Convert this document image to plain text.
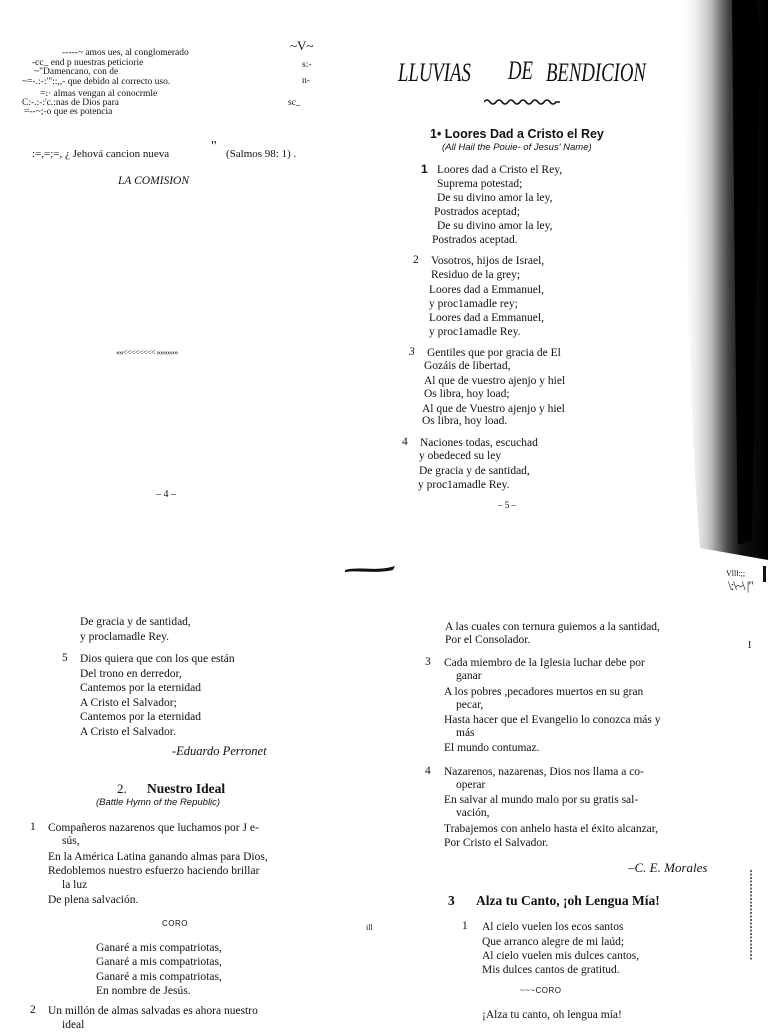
-----~ amos ues, al conglomerado
-cc_ end p nuestras peticiorie
~"Damencano, con de
~=-.:-:'"::,,- que debido al correcto uso.
=:· almas vengan al conocrmle
C:-.:-:'c.:nas de Dios para
=--~;-o que es potencia
~V~
s:-
n-
sc_
:=,=;=, ¿ Jehová cancion nueva	" (Salmos 98: 1) .
LA COMISION
««<<<<<<<< »»»»»»
– 4 –
LLUVIAS DE BENDICION
1• Loores Dad a Cristo el Rey
(All Hail the Pouie- of Jesus' Name)
1 Loores dad a Cristo el Rey,
Suprema potestad;
De su divino amor la ley,
Postrados aceptad;
De su divino amor la ley,
Postrados aceptad.
2 Vosotros, hijos de Israel,
Residuo de la grey;
Loores dad a Emmanuel,
y proc1amadle rey;
Loores dad a Emmanuel,
y proc1amadle Rey.
3 Gentiles que por gracia de El
Gozáis de libertad,
Al que de vuestro ajenjo y hiel
Os libra, hoy load;
Al que de Vuestro ajenjo y hiel
Os libra, hoy load.
4 Naciones todas, escuchad
y obedeced su ley
De gracia y de santidad,
y proc1amadle Rey.
– 5 –
De gracia y de santidad,
y proclamadle Rey.
5 Dios quiera que con los que están
Del trono en derredor,
Cantemos por la eternidad
A Cristo el Salvador;
Cantemos por la eternidad
A Cristo el Salvador.
-Eduardo Perronet
2. Nuestro Ideal
(Battle Hymn of the Republic)
1 Compañeros nazarenos que luchamos por J e-
sús,
En la América Latina ganando almas para Dios,
Redoblemos nuestro esfuerzo haciendo brillar
la luz
De plena salvación.
CORO
Ganaré a mis compatriotas,
Ganaré a mis compatriotas,
Ganaré a mis compatriotas,
En nombre de Jesús.
2 Un millón de almas salvadas es ahora nuestro
ideal
A las cuales con ternura guiemos a la santidad,
Por el Consolador.
3 Cada miembro de la Iglesia luchar debe por
ganar
A los pobres ,pecadores muertos en su gran
pecar,
Hasta hacer que el Evangelio lo conozca más y
más
El mundo contumaz.
4 Nazarenos, nazarenas, Dios nos llama a co-
operar
En salvar al mundo malo por su gratis sal-
vación,
Trabajemos con anhelo hasta el éxito alcanzar,
Por Cristo el Salvador.
–C. E. Morales
3 Alza tu Canto, ¡oh Lengua Mía!
1 Al cielo vuelen los ecos santos
Que arranco alegre de mi laúd;
Al cielo vuelen mis dulces cantos,
Mis dulces cantos de gratitud.
~~~CORO
¡Alza tu canto, oh lengua mía!
ill
I
Vlll:;;
\:\~\ |"
